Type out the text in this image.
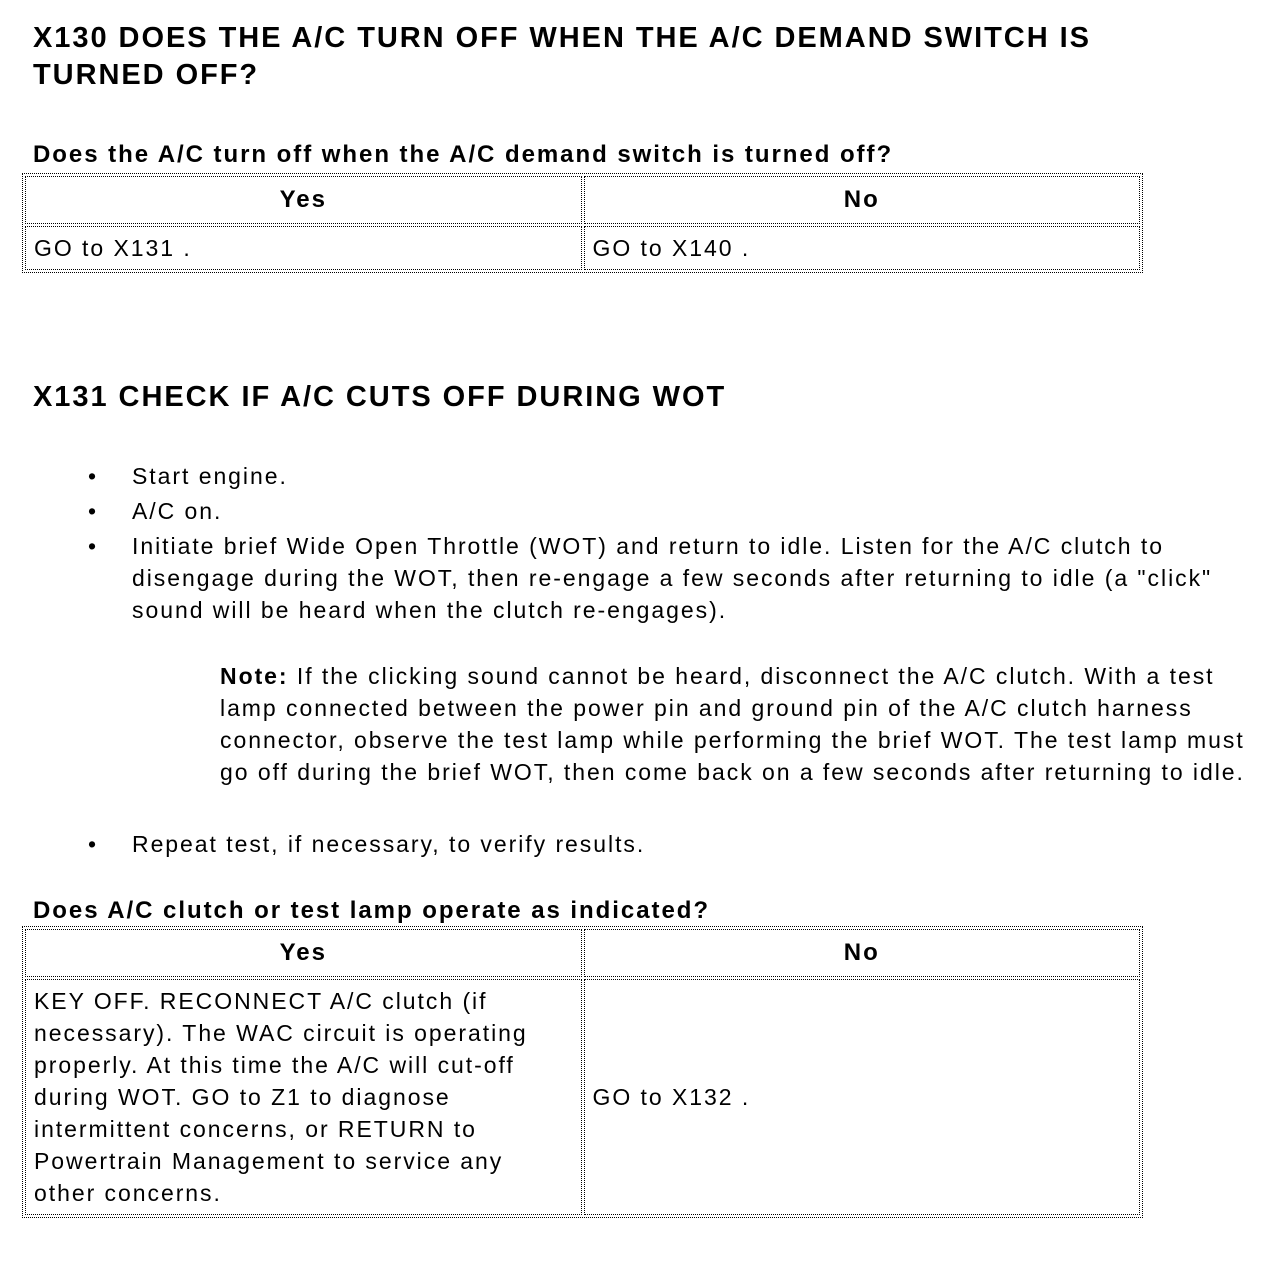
X130 DOES THE A/C TURN OFF WHEN THE A/C DEMAND SWITCH IS TURNED OFF?

Does the A/C turn off when the A/C demand switch is turned off?

Yes	No
GO to X131 .	GO to X140 .
X131 CHECK IF A/C CUTS OFF DURING WOT
•	Start engine.
•	A/C on.
•	Initiate brief Wide Open Throttle (WOT) and return to idle. Listen for the A/C clutch to disengage during the WOT, then re-engage a few seconds after returning to idle (a "click" sound will be heard when the clutch re-engages).

Note: If the clicking sound cannot be heard, disconnect the A/C clutch. With a test lamp connected between the power pin and ground pin of the A/C clutch harness connector, observe the test lamp while performing the brief WOT. The test lamp must go off during the brief WOT, then come back on a few seconds after returning to idle.

•	Repeat test, if necessary, to verify results.

Does A/C clutch or test lamp operate as indicated?

Yes	No

KEY OFF. RECONNECT A/C clutch (if necessary). The WAC circuit is operating properly. At this time the A/C will cut-off during WOT. GO to Z1 to diagnose intermittent concerns, or RETURN to Powertrain Management to service any other concerns.	GO to X132 .
